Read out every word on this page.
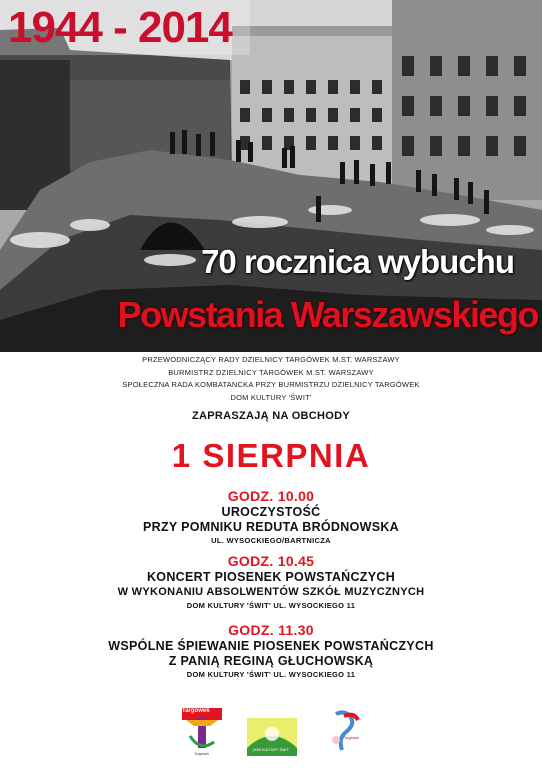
1944 - 2014
70 rocznica wybuchu
Powstania Warszawskiego
PRZEWODNICZĄCY RADY DZIELNICY TARGÓWEK M.ST. WARSZAWY
BURMISTRZ DZIELNICY TARGÓWEK M.ST. WARSZAWY
SPOŁECZNA RADA KOMBATANCKA PRZY BURMISTRZU DZIELNICY TARGÓWEK
DOM KULTURY 'ŚWIT'
ZAPRASZAJĄ NA OBCHODY
1 SIERPNIA
GODZ. 10.00
UROCZYSTOŚĆ
PRZY POMNIKU REDUTA BRÓDNOWSKA
UL. WYSOCKIEGO/BARTNICZA
GODZ. 10.45
KONCERT PIOSENEK POWSTAŃCZYCH
W WYKONANIU ABSOLWENTÓW SZKÓŁ MUZYCZNYCH
DOM KULTURY 'ŚWIT' UL. WYSOCKIEGO 11
GODZ. 11.30
WSPÓLNE ŚPIEWANIE PIOSENEK POWSTAŃCZYCH
Z PANIĄ REGINĄ GŁUCHOWSKĄ
DOM KULTURY 'ŚWIT' UL. WYSOCKIEGO 11
Targówek
Targówek
DOM KULTURY 'ŚWIT'
Targówek
